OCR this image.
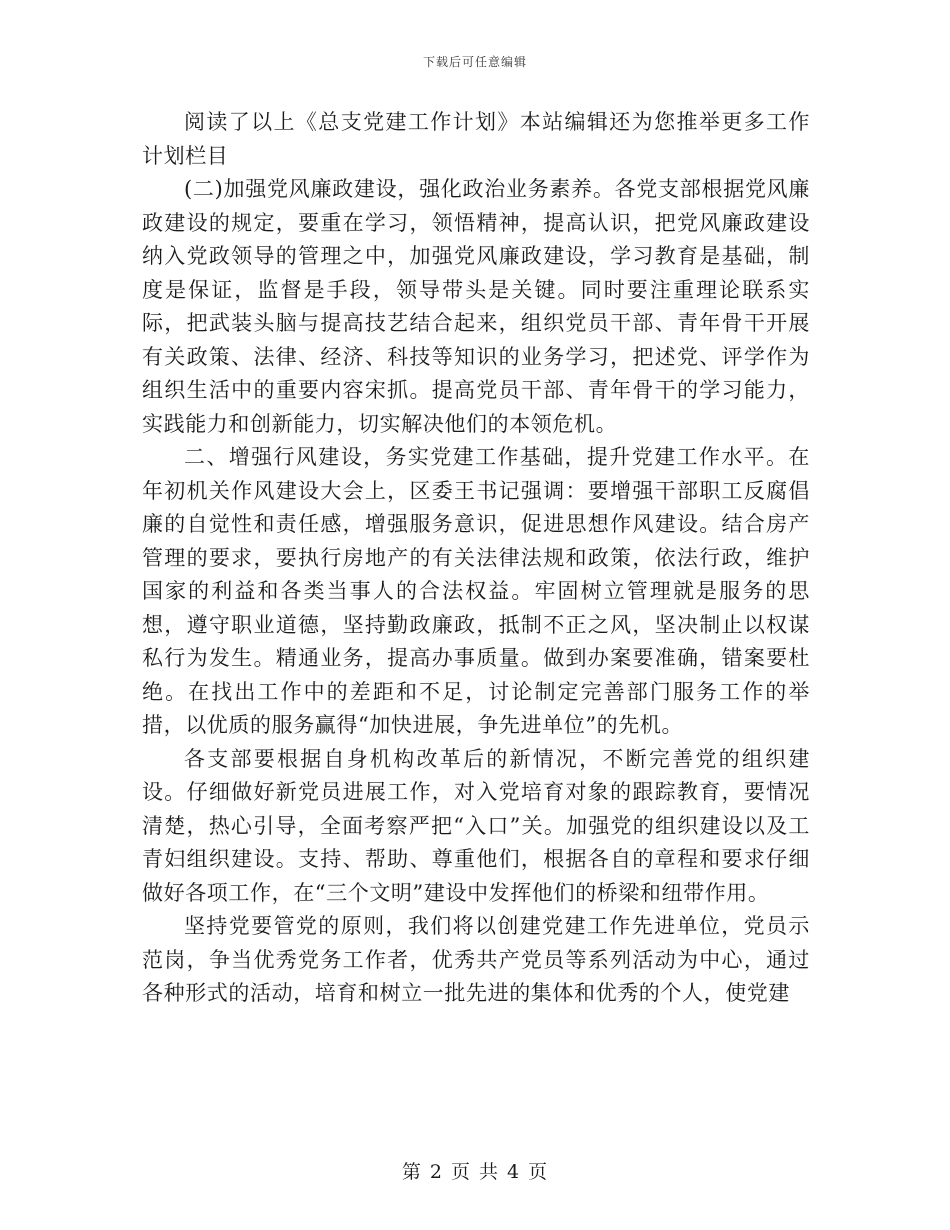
下载后可任意编辑

阅读了以上《总支党建工作计划》本站编辑还为您推举更多工作计划栏目

(二)加强党风廉政建设，强化政治业务素养。各党支部根据党风廉政建设的规定，要重在学习，领悟精神，提高认识，把党风廉政建设纳入党政领导的管理之中，加强党风廉政建设，学习教育是基础，制度是保证，监督是手段，领导带头是关键。同时要注重理论联系实际，把武装头脑与提高技艺结合起来，组织党员干部、青年骨干开展有关政策、法律、经济、科技等知识的业务学习，把述党、评学作为组织生活中的重要内容宋抓。提高党员干部、青年骨干的学习能力，实践能力和创新能力，切实解决他们的本领危机。

二、增强行风建设，务实党建工作基础，提升党建工作水平。在年初机关作风建设大会上，区委王书记强调：要增强干部职工反腐倡廉的自觉性和责任感，增强服务意识，促进思想作风建设。结合房产管理的要求，要执行房地产的有关法律法规和政策，依法行政，维护国家的利益和各类当事人的合法权益。牢固树立管理就是服务的思想，遵守职业道德，坚持勤政廉政，抵制不正之风，坚决制止以权谋私行为发生。精通业务，提高办事质量。做到办案要准确，错案要杜绝。在找出工作中的差距和不足，讨论制定完善部门服务工作的举措，以优质的服务赢得“加快进展，争先进单位”的先机。

各支部要根据自身机构改革后的新情况，不断完善党的组织建设。仔细做好新党员进展工作，对入党培育对象的跟踪教育，要情况清楚，热心引导，全面考察严把“入口”关。加强党的组织建设以及工青妇组织建设。支持、帮助、尊重他们，根据各自的章程和要求仔细做好各项工作，在“三个文明”建设中发挥他们的桥梁和纽带作用。

坚持党要管党的原则，我们将以创建党建工作先进单位，党员示范岗，争当优秀党务工作者，优秀共产党员等系列活动为中心，通过各种形式的活动，培育和树立一批先进的集体和优秀的个人，使党建

第 2 页 共 4 页
